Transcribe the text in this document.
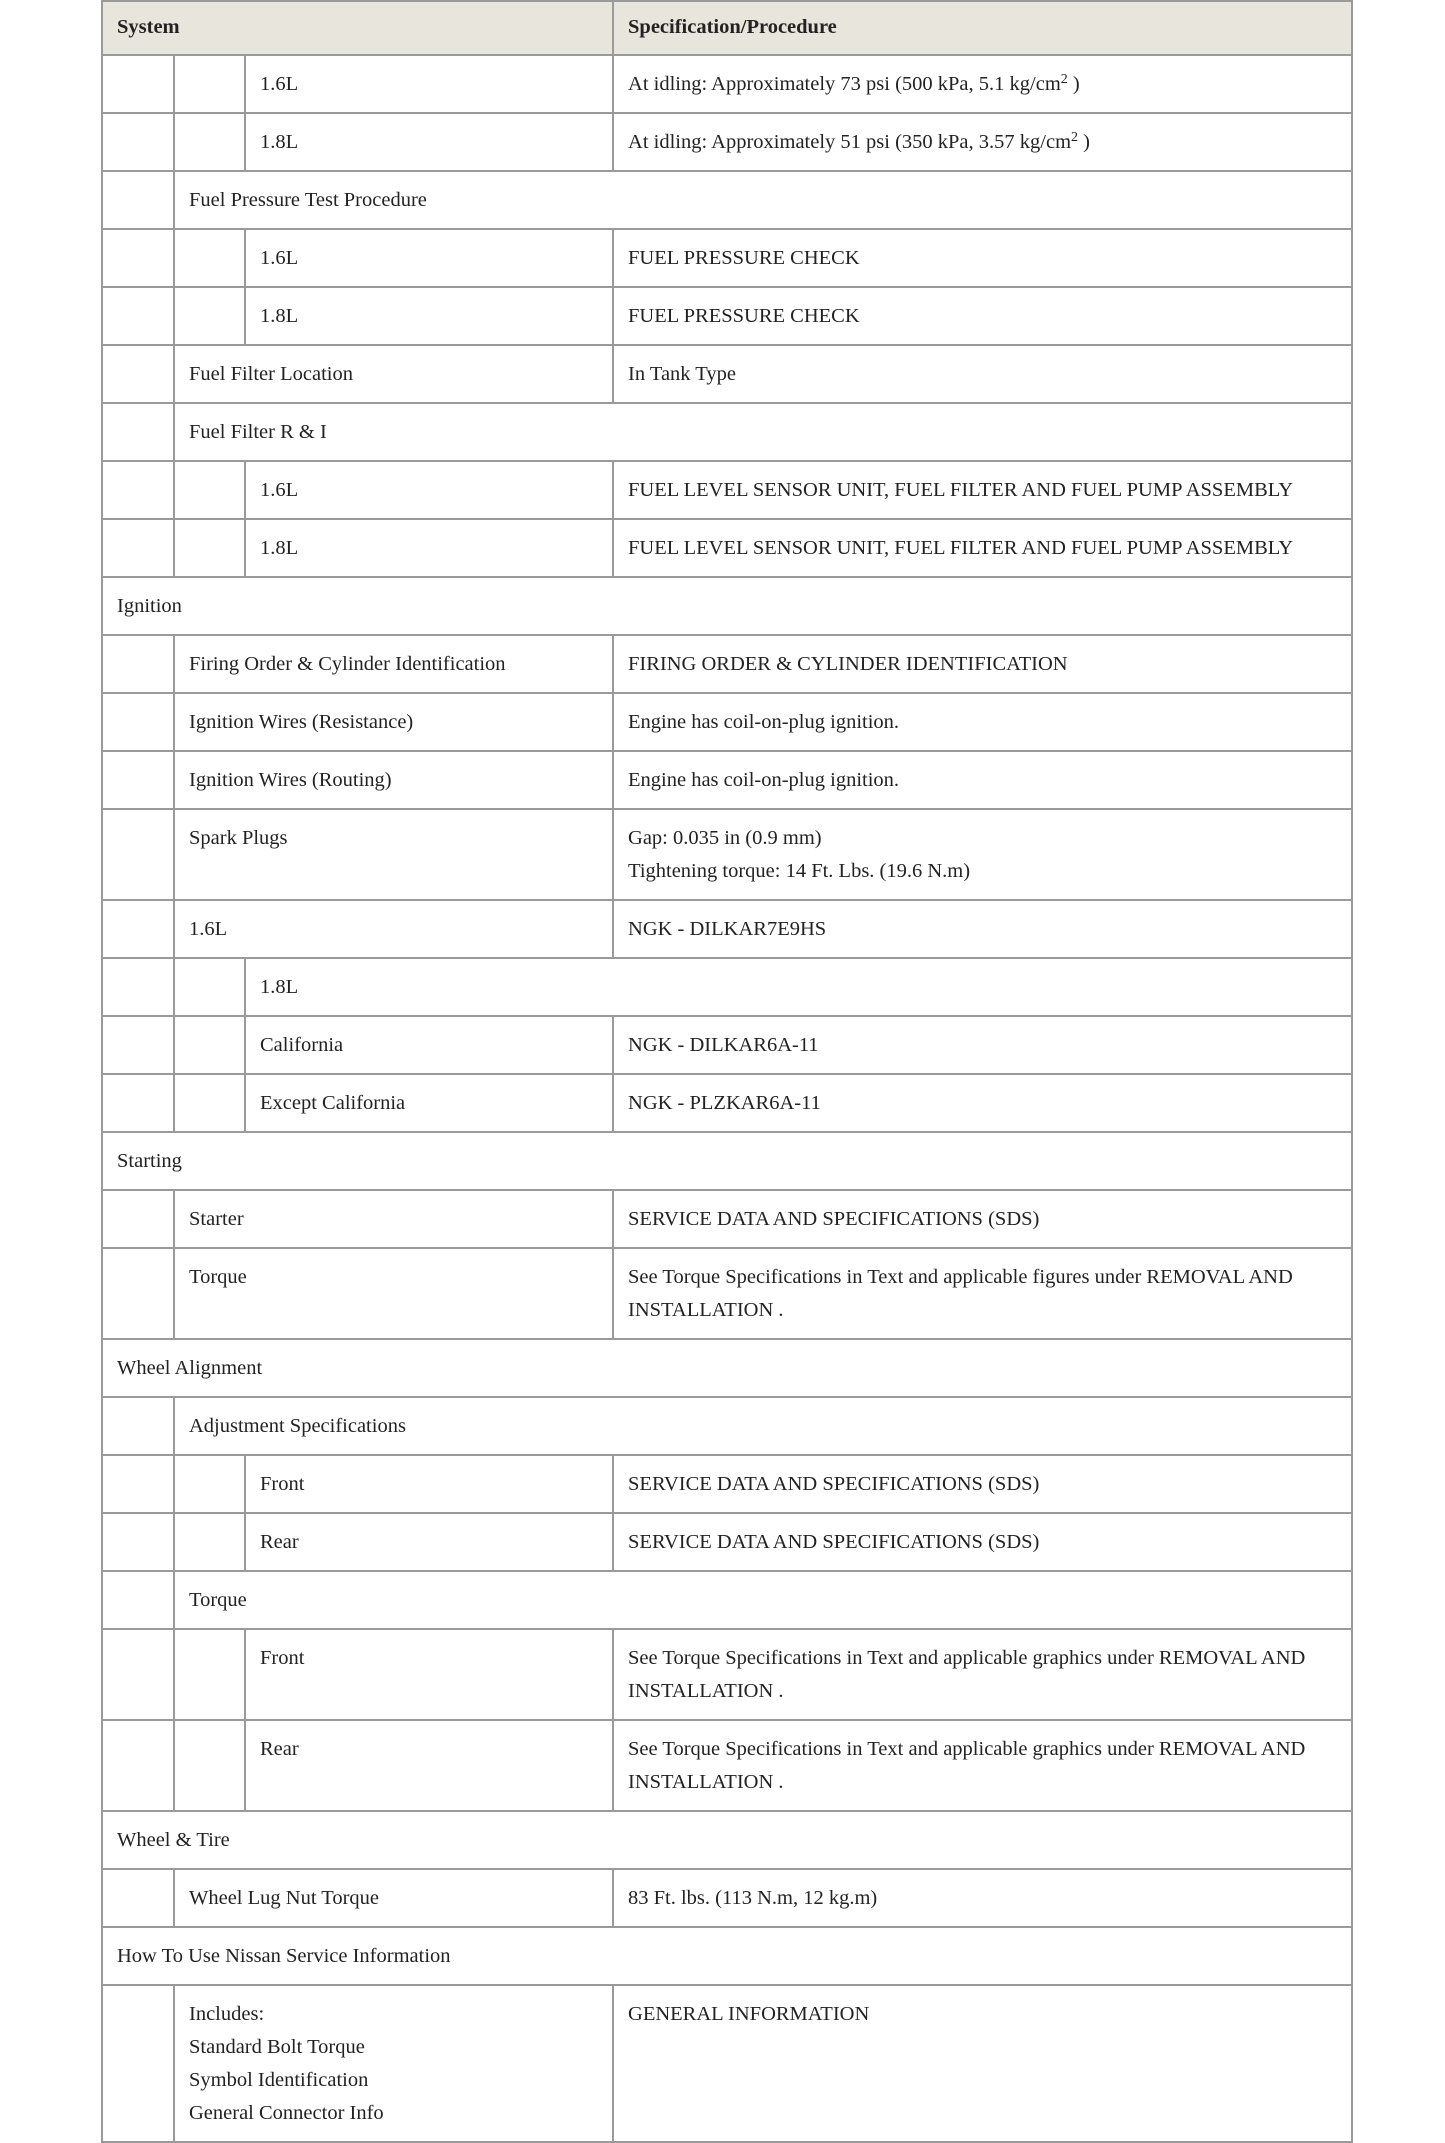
System			Specification/Procedure
		1.6L	At idling: Approximately 73 psi (500 kPa, 5.1 $kg/cm^2$ )
		1.8L	At idling: Approximately 51 psi (350 kPa, 3.57 $kg/cm^2$ )
	Fuel Pressure Test Procedure		
		1.6L	FUEL PRESSURE CHECK
		1.8L	FUEL PRESSURE CHECK
	Fuel Filter Location		In Tank Type
	Fuel Filter R & I		
		1.6L	FUEL LEVEL SENSOR UNIT, FUEL FILTER AND FUEL PUMP ASSEMBLY
		1.8L	FUEL LEVEL SENSOR UNIT, FUEL FILTER AND FUEL PUMP ASSEMBLY
Ignition			
	Firing Order & Cylinder Identification		FIRING ORDER & CYLINDER IDENTIFICATION
	Ignition Wires (Resistance)		Engine has coil-on-plug ignition.
	Ignition Wires (Routing)		Engine has coil-on-plug ignition.
	Spark Plugs		Gap: 0.035 in (0.9 mm)
Tightening torque: 14 Ft. Lbs. (19.6 N.m)

	1.6L		NGK - DILKAR7E9HS
		1.8L	
		California	NGK - DILKAR6A-11
		Except California	NGK - PLZKAR6A-11
Starting			
	Starter		SERVICE DATA AND SPECIFICATIONS (SDS)
	Torque		See Torque Specifications in Text and applicable figures under REMOVAL AND INSTALLATION .
Wheel Alignment			
	Adjustment Specifications		
		Front	SERVICE DATA AND SPECIFICATIONS (SDS)
		Rear	SERVICE DATA AND SPECIFICATIONS (SDS)
	Torque		
		Front	See Torque Specifications in Text and applicable graphics under REMOVAL AND INSTALLATION .
		Rear	See Torque Specifications in Text and applicable graphics under REMOVAL AND INSTALLATION .
Wheel & Tire			
	Wheel Lug Nut Torque		83 Ft. lbs. (113 N.m, 12 kg.m)
How To Use Nissan Service Information			

	Includes:
Standard Bolt Torque
Symbol Identification
General Connector Info		GENERAL INFORMATION
